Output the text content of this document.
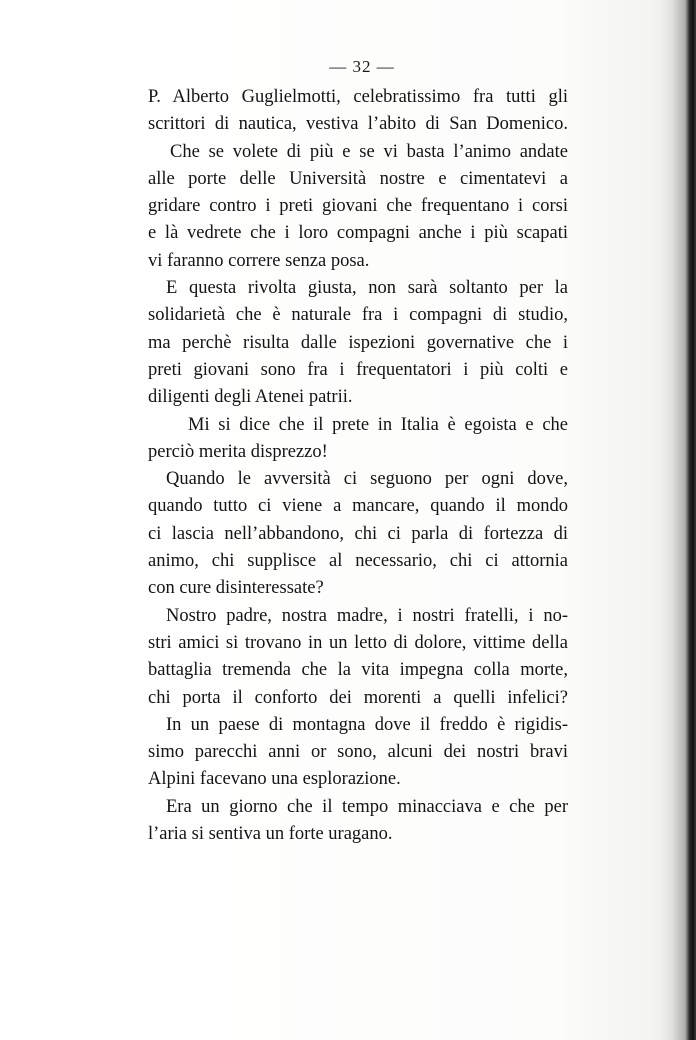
— 32 —
P. Alberto Guglielmotti, celebratissimo fra tutti gli
scrittori di nautica, vestiva l’abito di San Domenico.
Che se volete di più e se vi basta l’animo andate
alle porte delle Università nostre e cimentatevi a
gridare contro i preti giovani che frequentano i corsi
e là vedrete che i loro compagni anche i più scapati
vi faranno correre senza posa.
E questa rivolta giusta, non sarà soltanto per la
solidarietà che è naturale fra i compagni di studio,
ma perchè risulta dalle ispezioni governative che i
preti giovani sono fra i frequentatori i più colti e
diligenti degli Atenei patrii.
Mi si dice che il prete in Italia è egoista e che
perciò merita disprezzo!
Quando le avversità ci seguono per ogni dove,
quando tutto ci viene a mancare, quando il mondo
ci lascia nell’abbandono, chi ci parla di fortezza di
animo, chi supplisce al necessario, chi ci attornia
con cure disinteressate?
Nostro padre, nostra madre, i nostri fratelli, i no-
stri amici si trovano in un letto di dolore, vittime della
battaglia tremenda che la vita impegna colla morte,
chi porta il conforto dei morenti a quelli infelici?
In un paese di montagna dove il freddo è rigidis-
simo parecchi anni or sono, alcuni dei nostri bravi
Alpini facevano una esplorazione.
Era un giorno che il tempo minacciava e che per
l’aria si sentiva un forte uragano.
